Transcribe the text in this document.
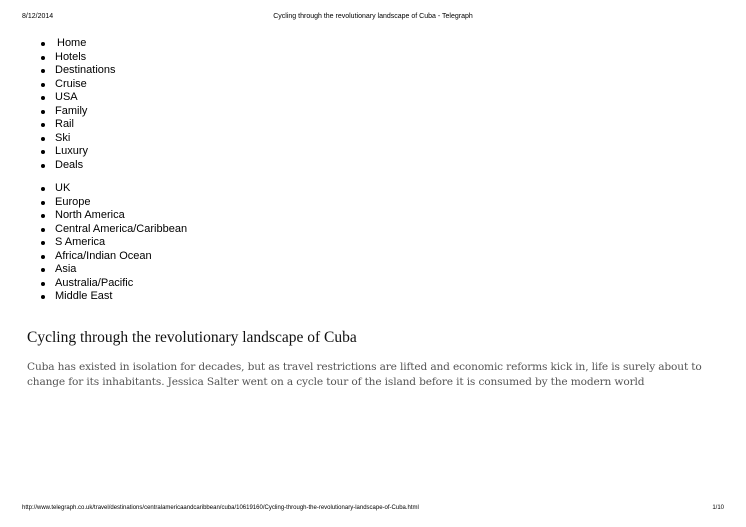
8/12/2014	Cycling through the revolutionary landscape of Cuba - Telegraph
Home
Hotels
Destinations
Cruise
USA
Family
Rail
Ski
Luxury
Deals
UK
Europe
North America
Central America/Caribbean
S America
Africa/Indian Ocean
Asia
Australia/Pacific
Middle East
Cycling through the revolutionary landscape of Cuba

Cuba has existed in isolation for decades, but as travel restrictions are lifted and economic reforms kick in, life is surely about to change for its inhabitants. Jessica Salter went on a cycle tour of the island before it is consumed by the modern world

http://www.telegraph.co.uk/travel/destinations/centralamericaandcaribbean/cuba/10619160/Cycling-through-the-revolutionary-landscape-of-Cuba.html	1/10
